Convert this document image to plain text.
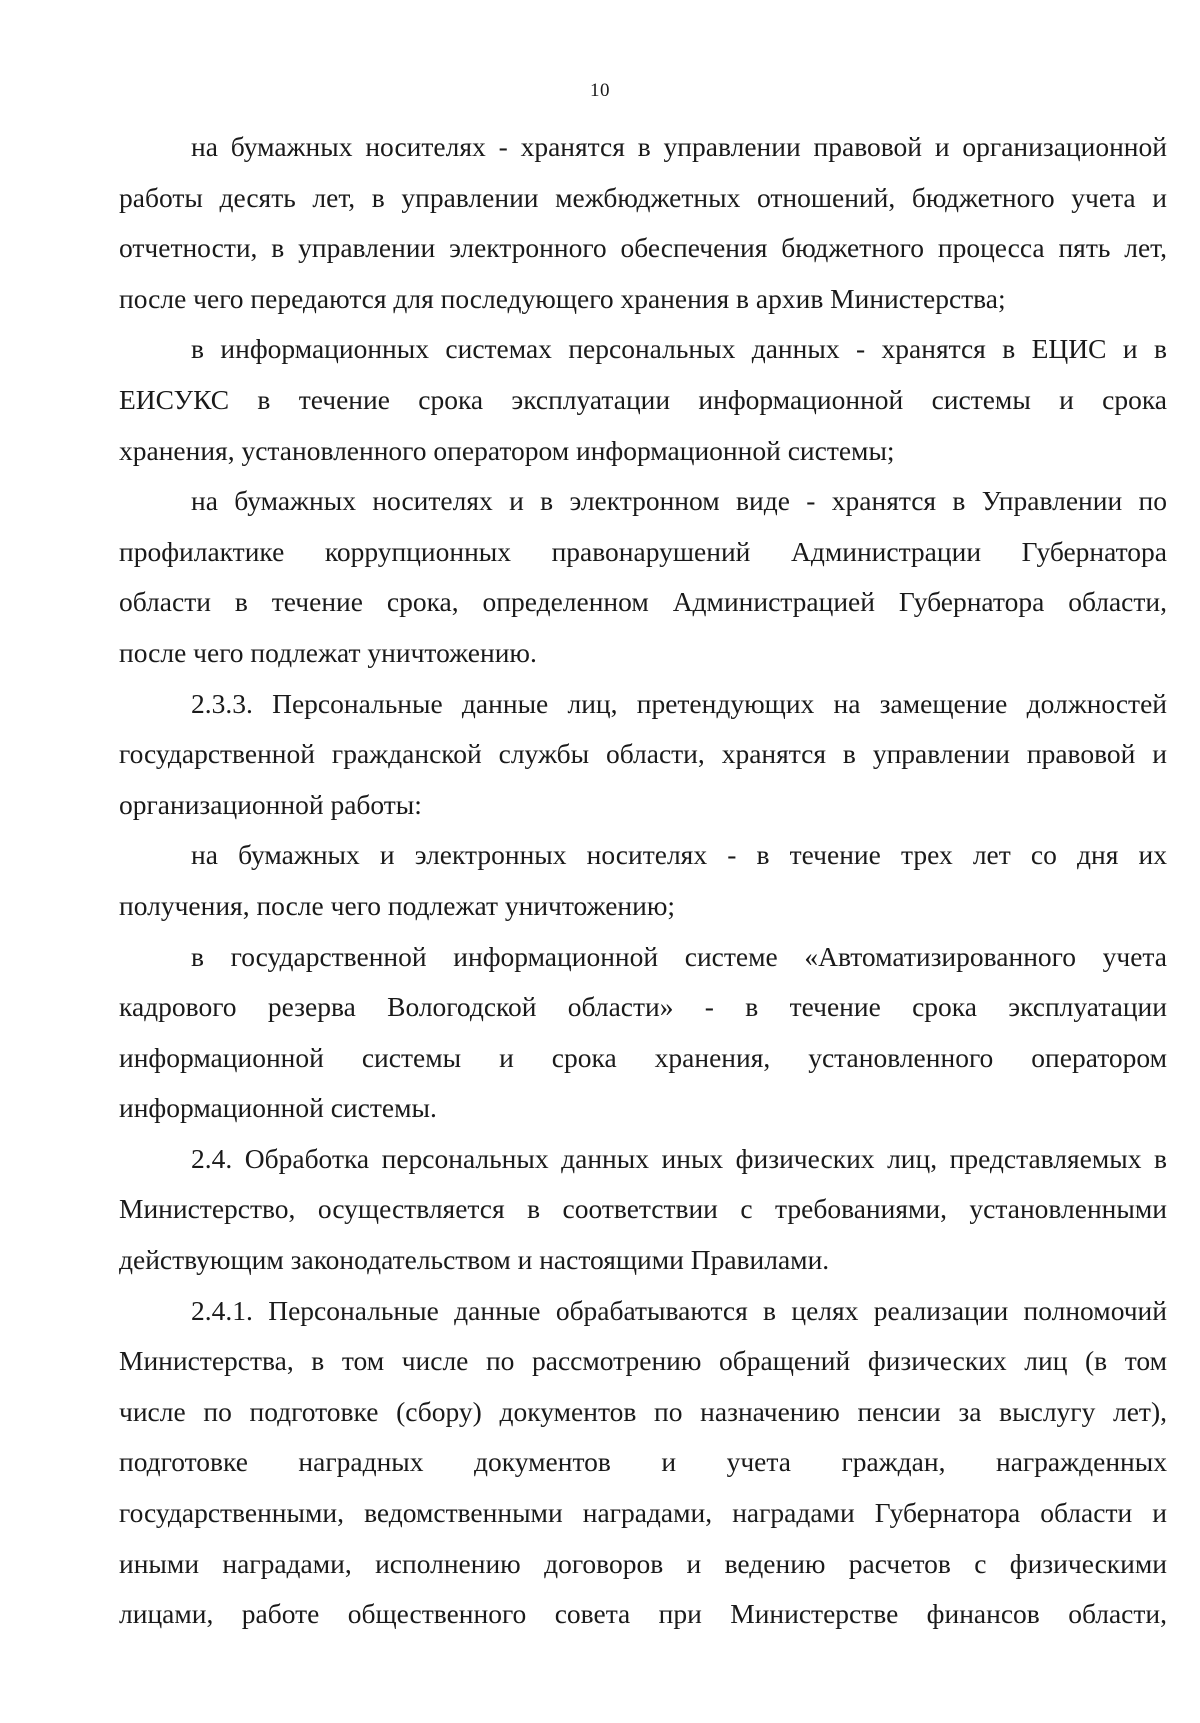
10
на бумажных носителях - хранятся в управлении правовой и организационной
работы десять лет, в управлении межбюджетных отношений, бюджетного учета и
отчетности, в управлении электронного обеспечения бюджетного процесса пять лет,
после чего передаются для последующего хранения в архив Министерства;
в информационных системах персональных данных - хранятся в ЕЦИС и в
ЕИСУКС в течение срока эксплуатации информационной системы и срока
хранения, установленного оператором информационной системы;
на бумажных носителях и в электронном виде - хранятся в Управлении по
профилактике коррупционных правонарушений Администрации Губернатора
области в течение срока, определенном Администрацией Губернатора области,
после чего подлежат уничтожению.
2.3.3. Персональные данные лиц, претендующих на замещение должностей
государственной гражданской службы области, хранятся в управлении правовой и
организационной работы:
на бумажных и электронных носителях - в течение трех лет со дня их
получения, после чего подлежат уничтожению;
в государственной информационной системе «Автоматизированного учета
кадрового резерва Вологодской области» - в течение срока эксплуатации
информационной системы и срока хранения, установленного оператором
информационной системы.
2.4. Обработка персональных данных иных физических лиц, представляемых в
Министерство, осуществляется в соответствии с требованиями, установленными
действующим законодательством и настоящими Правилами.
2.4.1. Персональные данные обрабатываются в целях реализации полномочий
Министерства, в том числе по рассмотрению обращений физических лиц (в том
числе по подготовке (сбору) документов по назначению пенсии за выслугу лет),
подготовке наградных документов и учета граждан, награжденных
государственными, ведомственными наградами, наградами Губернатора области и
иными наградами, исполнению договоров и ведению расчетов с физическими
лицами, работе общественного совета при Министерстве финансов области,
